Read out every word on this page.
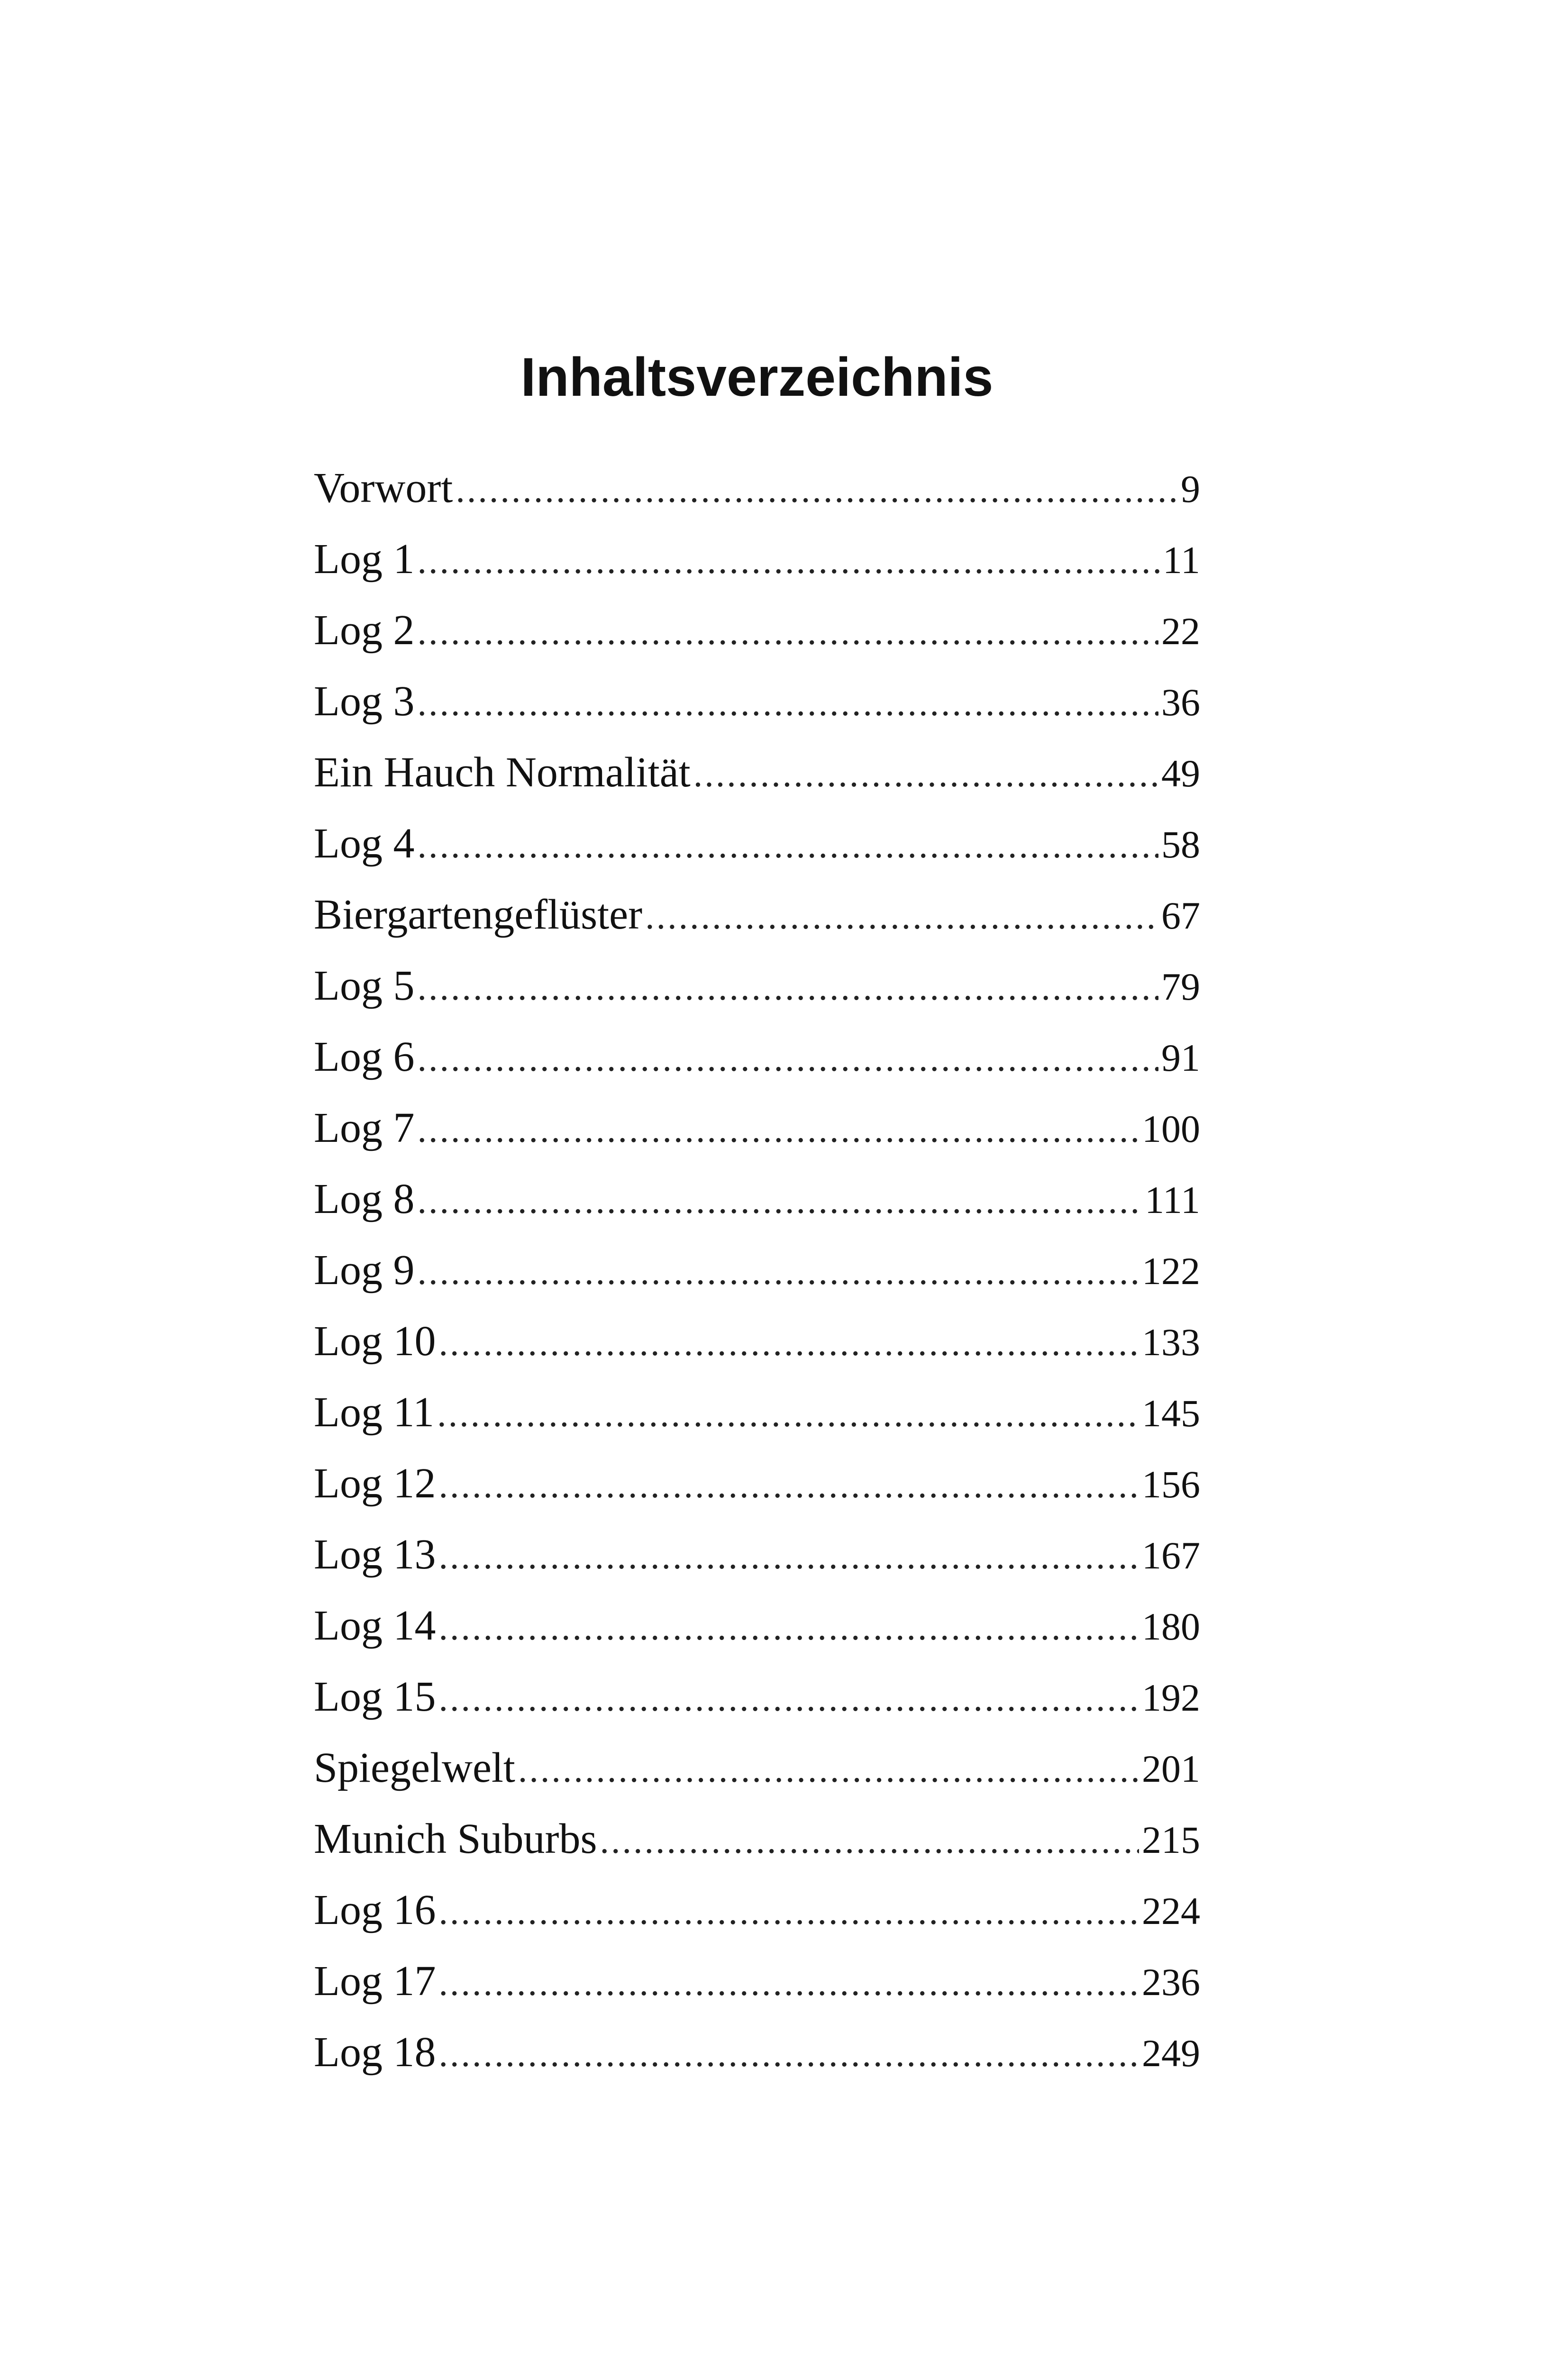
Inhaltsverzeichnis
Vorwort .....	9
Log 1 .....	11
Log 2 .....	22
Log 3 .....	36
Ein Hauch Normalität .....	49
Log 4 .....	58
Biergartengeflüster .....	67
Log 5 .....	79
Log 6 .....	91
Log 7 .....	100
Log 8 .....	111
Log 9 .....	122
Log 10 .....	133
Log 11 .....	145
Log 12 .....	156
Log 13 .....	167
Log 14 .....	180
Log 15 .....	192
Spiegelwelt .....	201
Munich Suburbs .....	215
Log 16 .....	224
Log 17 .....	236
Log 18 .....	249
